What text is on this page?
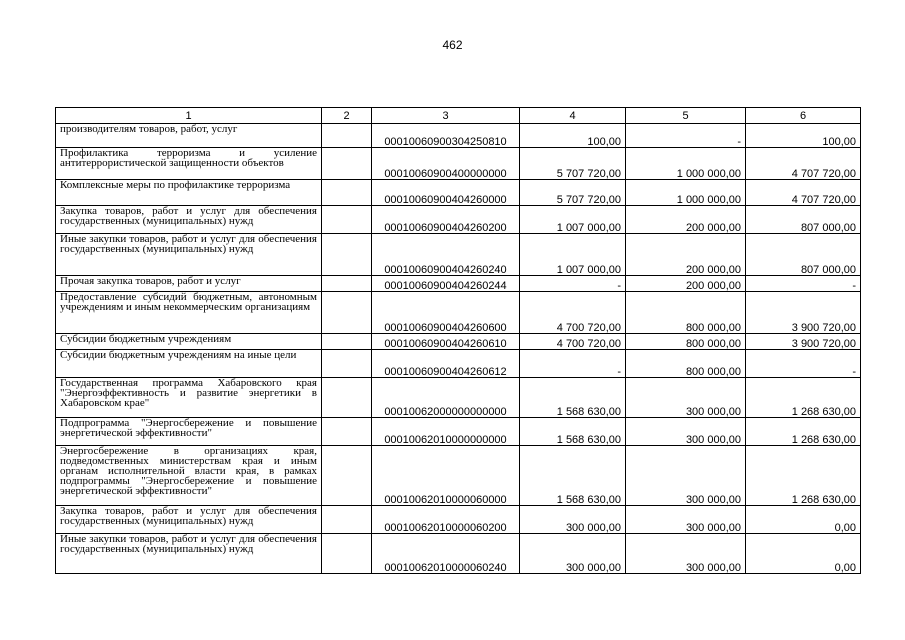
462
1	2	3	4	5	6
производителям товаров, работ, услуг		00010060900304250810	100,00	-	100,00
Профилактика терроризма и усиление антитеррористической защищенности объектов		00010060900400000000	5 707 720,00	1 000 000,00	4 707 720,00
Комплексные меры по профилактике терроризма		00010060900404260000	5 707 720,00	1 000 000,00	4 707 720,00
Закупка товаров, работ и услуг для обеспечения государственных (муниципальных) нужд		00010060900404260200	1 007 000,00	200 000,00	807 000,00
Иные закупки товаров, работ и услуг для обеспечения государственных (муниципальных) нужд		00010060900404260240	1 007 000,00	200 000,00	807 000,00
Прочая закупка товаров, работ и услуг		00010060900404260244	-	200 000,00	-
Предоставление субсидий бюджетным, автономным учреждениям и иным некоммерческим организациям		00010060900404260600	4 700 720,00	800 000,00	3 900 720,00
Субсидии бюджетным учреждениям		00010060900404260610	4 700 720,00	800 000,00	3 900 720,00
Субсидии бюджетным учреждениям на иные цели		00010060900404260612	-	800 000,00	-
Государственная программа Хабаровского края "Энергоэффективность и развитие энергетики в Хабаровском крае"		00010062000000000000	1 568 630,00	300 000,00	1 268 630,00
Подпрограмма "Энергосбережение и повышение энергетической эффективности"		00010062010000000000	1 568 630,00	300 000,00	1 268 630,00
Энергосбережение в организациях края, подведомственных министерствам края и иным органам исполнительной власти края, в рамках подпрограммы "Энергосбережение и повышение энергетической эффективности"		00010062010000060000	1 568 630,00	300 000,00	1 268 630,00
Закупка товаров, работ и услуг для обеспечения государственных (муниципальных) нужд		00010062010000060200	300 000,00	300 000,00	0,00
Иные закупки товаров, работ и услуг для обеспечения государственных (муниципальных) нужд		00010062010000060240	300 000,00	300 000,00	0,00
